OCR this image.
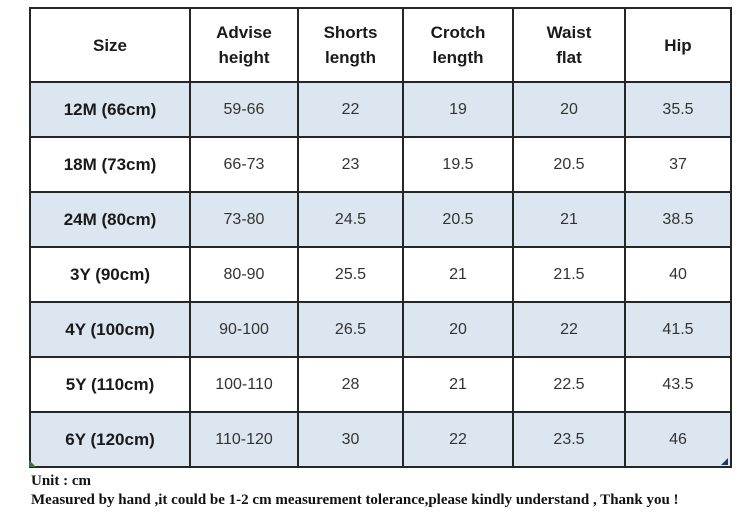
Size	Advise height	Shorts length	Crotch length	Waist flat	Hip
12M (66cm)	59-66	22	19	20	35.5
18M (73cm)	66-73	23	19.5	20.5	37
24M (80cm)	73-80	24.5	20.5	21	38.5
3Y (90cm)	80-90	25.5	21	21.5	40
4Y (100cm)	90-100	26.5	20	22	41.5
5Y (110cm)	100-110	28	21	22.5	43.5
6Y (120cm)	110-120	30	22	23.5	46
Unit : cm
Measured by hand ,it could be 1-2 cm measurement tolerance,please kindly understand , Thank you !
